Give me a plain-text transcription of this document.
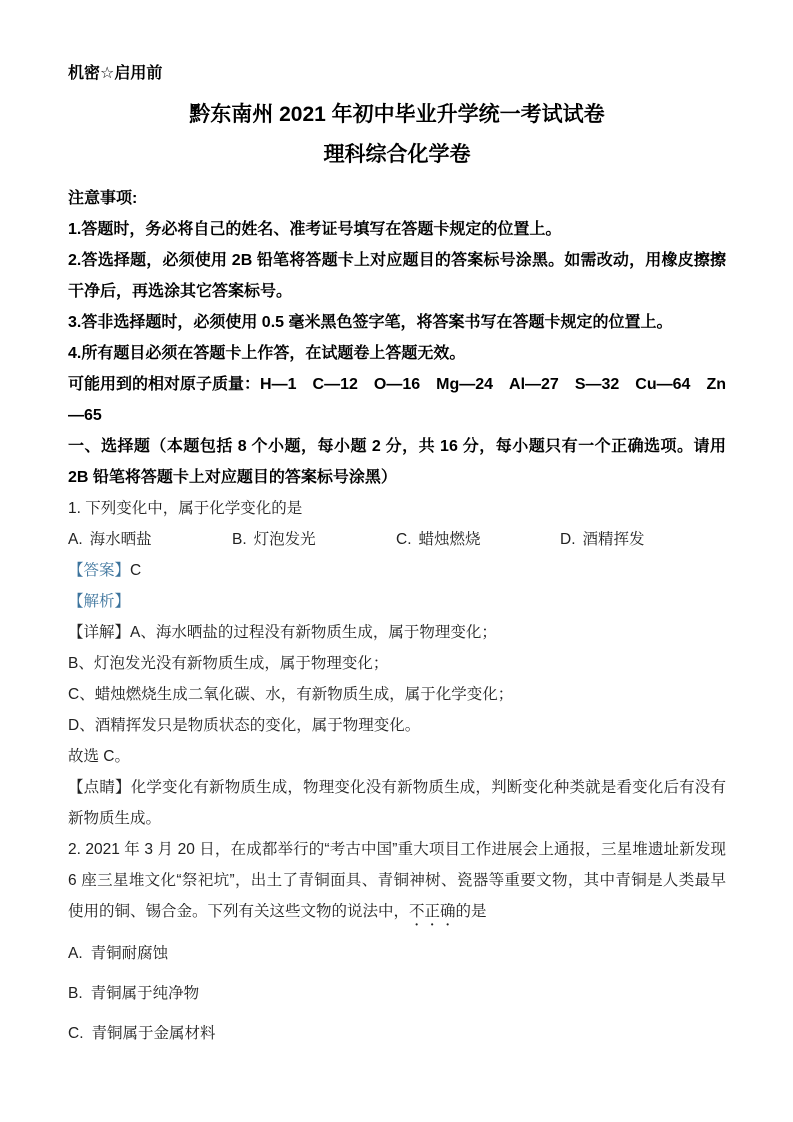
机密☆启用前

黔东南州 2021 年初中毕业升学统一考试试卷
理科综合化学卷

注意事项:

1.答题时，务必将自己的姓名、准考证号填写在答题卡规定的位置上。

2.答选择题，必须使用 2B 铅笔将答题卡上对应题目的答案标号涂黑。如需改动，用橡皮擦擦干净后，再选涂其它答案标号。

3.答非选择题时，必须使用 0.5 毫米黑色签字笔，将答案书写在答题卡规定的位置上。

4.所有题目必须在答题卡上作答，在试题卷上答题无效。

可能用到的相对原子质量：H—1　C—12　O—16　Mg—24　Al—27　S—32　Cu—64　Zn—65

一、选择题（本题包括 8 个小题，每小题 2 分，共 16 分，每小题只有一个正确选项。请用 2B 铅笔将答题卡上对应题目的答案标号涂黑）

1. 下列变化中，属于化学变化的是

A. 海水晒盐	B. 灯泡发光	C. 蜡烛燃烧	D. 酒精挥发

【答案】C

【解析】

【详解】A、海水晒盐的过程没有新物质生成，属于物理变化；

B、灯泡发光没有新物质生成，属于物理变化；

C、蜡烛燃烧生成二氧化碳、水，有新物质生成，属于化学变化；

D、酒精挥发只是物质状态的变化，属于物理变化。

故选 C。

【点睛】化学变化有新物质生成，物理变化没有新物质生成，判断变化种类就是看变化后有没有新物质生成。

2. 2021 年 3 月 20 日，在成都举行的“考古中国”重大项目工作进展会上通报，三星堆遗址新发现 6 座三星堆文化“祭祀坑”，出土了青铜面具、青铜神树、瓷器等重要文物，其中青铜是人类最早使用的铜、锡合金。下列有关这些文物的说法中，不正确的是

A. 青铜耐腐蚀

B. 青铜属于纯净物

C. 青铜属于金属材料
